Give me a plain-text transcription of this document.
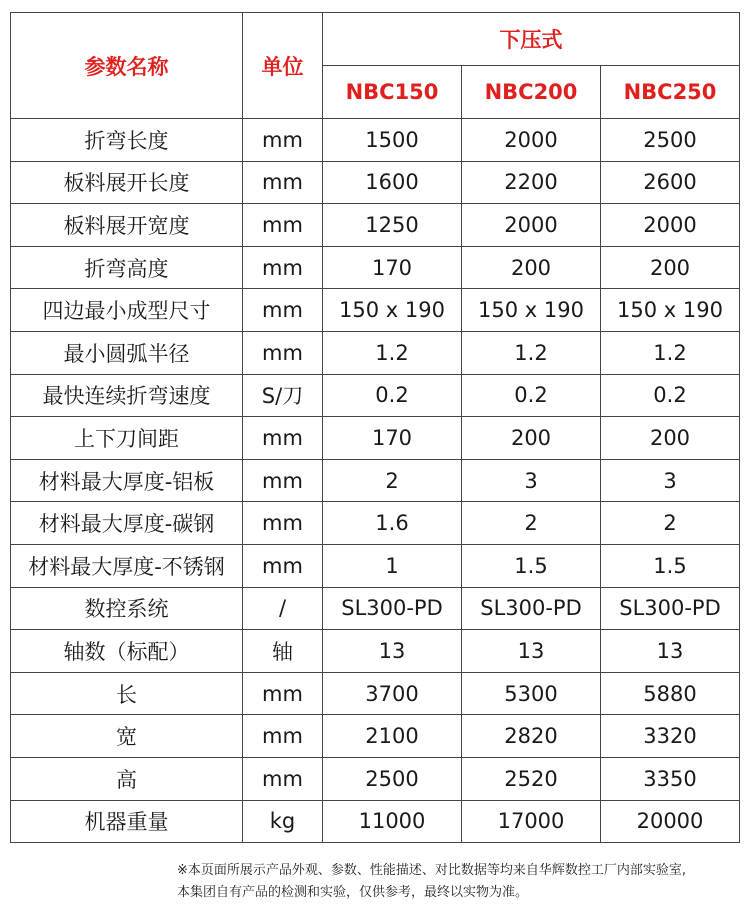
参数名称	单位	下压式		
		NBC150	NBC200	NBC250
折弯长度	mm	1500	2000	2500
板料展开长度	mm	1600	2200	2600
板料展开宽度	mm	1250	2000	2000
折弯高度	mm	170	200	200
四边最小成型尺寸	mm	150 x 190	150 x 190	150 x 190
最小圆弧半径	mm	1.2	1.2	1.2
最快连续折弯速度	S/刀	0.2	0.2	0.2
上下刀间距	mm	170	200	200
材料最大厚度-铝板	mm	2	3	3
材料最大厚度-碳钢	mm	1.6	2	2
材料最大厚度-不锈钢	mm	1	1.5	1.5
数控系统	/	SL300-PD	SL300-PD	SL300-PD
轴数（标配）	轴	13	13	13
长	mm	3700	5300	5880
宽	mm	2100	2820	3320
高	mm	2500	2520	3350
机器重量	kg	11000	17000	20000
※本页面所展示产品外观、参数、性能描述、对比数据等均来自华辉数控工厂内部实验室,
本集团自有产品的检测和实验，仅供参考，最终以实物为准。
